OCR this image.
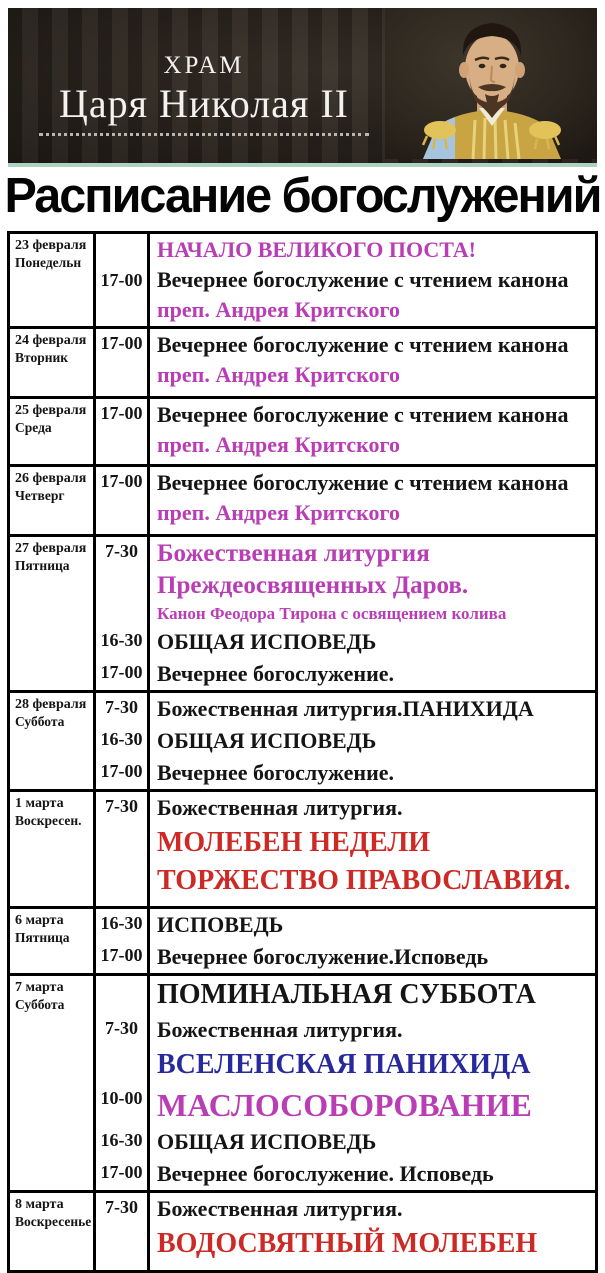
ХРАМ
Царя Николая II
Расписание богослужений
23 февраля
Понедельн
17-00
НАЧАЛО ВЕЛИКОГО ПОСТА!
Вечернее богослужение с чтением канона
преп. Андрея Критского
24 февраля
Вторник
17-00 Вечернее богослужение с чтением канона
преп. Андрея Критского
25 февраля
Среда
17-00 Вечернее богослужение с чтением канона
преп. Андрея Критского
26 февраля
Четверг
17-00 Вечернее богослужение с чтением канона
преп. Андрея Критского
27 февраля
Пятница
7-30 Божественная литургия
Преждеосвященных Даров.
Канон Феодора Тирона с освящением колива
16-30 ОБЩАЯ ИСПОВЕДЬ
17-00 Вечернее богослужение.
28 февраля
Суббота
7-30 Божественная литургия.ПАНИХИДА
16-30 ОБЩАЯ ИСПОВЕДЬ
17-00 Вечернее богослужение.
1 марта
Воскресен.
7-30 Божественная литургия.
МОЛЕБЕН НЕДЕЛИ
ТОРЖЕСТВО ПРАВОСЛАВИЯ.
6 марта
Пятница
16-30 ИСПОВЕДЬ
17-00 Вечернее богослужение.Исповедь
7 марта
Суббота	ПОМИНАЛЬНАЯ СУББОТА
7-30 Божественная литургия.
ВСЕЛЕНСКАЯ ПАНИХИДА
10-00 МАСЛОСОБОРОВАНИЕ
16-30 ОБЩАЯ ИСПОВЕДЬ
17-00 Вечернее богослужение. Исповедь
8 марта
Воскресенье
7-30 Божественная литургия.
ВОДОСВЯТНЫЙ МОЛЕБЕН
